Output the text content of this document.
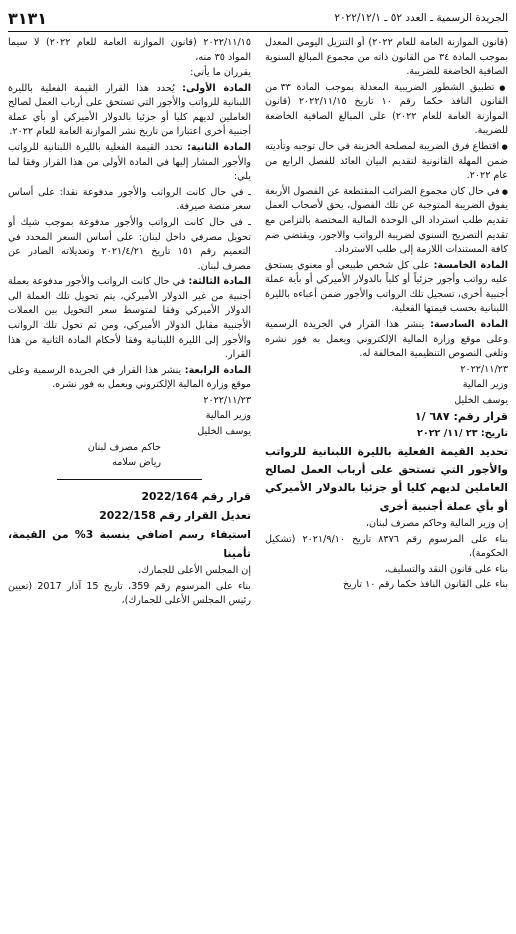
الجريدة الرسمية ـ العدد ٥٢ ـ ٢٠٢٢/١٢/١
٣١٣١

(قانون الموازنة العامة للعام ٢٠٢٢) أو التنزيل اليومي المعدل بموجب المادة ٣٤ من القانون ذاته من مجموع المبالغ السنوية الصافية الخاضعة للضريبة.

● تطبيق الشطور الضريبية المعدلة بموجب المادة ٣٣ من القانون النافذ حكما رقم ١٠ تاريخ ٢٠٢٢/١١/١٥ (قانون الموازنة العامة للعام ٢٠٢٢) على المبالغ الصافية الخاضعة للضريبة.

● اقتطاع فرق الضريبة لمصلحة الخزينة في حال توجبه وتأديته ضمن المهلة القانونية لتقديم البيان العائد للفصل الرابع من عام ٢٠٢٢.

● في حال كان مجموع الضرائب المقتطعة عن الفصول الأربعة يفوق الضريبة المتوجبة عن تلك الفصول، يحق لأصحاب العمل تقديم طلب استرداد الى الوحدة المالية المختصة بالتزامن مع تقديم التصريح السنوي لضريبة الرواتب والاجور، ويقتضي ضم كافة المستندات اللازمة إلى طلب الاسترداد.

المادة الخامسة: على كل شخص طبيعي أو معنوي يستحق عليه رواتب وأجور جزئياً أو كلياً بالدولار الأميركي أو بأية عملة أجنبية أخرى، تسجيل تلك الرواتب والأجور ضمن أعباءه بالليرة اللبنانية بحسب قيمتها الفعلية.

المادة السادسة: ينشر هذا القرار في الجريدة الرسمية وعلى موقع وزارة المالية الإلكتروني ويعمل به فور نشره وتلغى النصوص التنظيمية المخالفة له.

٢٠٢٢/١١/٢٣

وزير المالية

يوسف الخليل

قرار رقم: ٦٨٧ /١

تاريخ: ٢٣ /١١/ ٢٠٢٢

تحديد القيمة الفعلية بالليرة اللبنانية للرواتب والأجور التي تستحق على أرباب العمل لصالح العاملين لديهم كليا أو جزئيا بالدولار الأميركي أو بأي عملة أجنبية أخرى

إن وزير المالية وحاكم مصرف لبنان،

بناء على المرسوم رقم ٨٣٧٦ تاريخ ٢٠٢١/٩/١٠ (تشكيل الحكومة)،

بناء على قانون النقد والتسليف،

بناء على القانون النافذ حكما رقم ١٠ تاريخ

٢٠٢٢/١١/١٥ (قانون الموازنة العامة للعام ٢٠٢٢) لا سيما المواد ٣٥ منه،

يقرران ما يأتي:

المادة الأولى: يُحدد هذا القرار القيمة الفعلية بالليرة اللبنانية للرواتب والأجور التي تستحق على أرباب العمل لصالح العاملين لديهم كليا أو جزئيا بالدولار الأميركي أو بأي عملة أجنبية أخرى اعتبارا من تاريخ نشر الموازنة العامة للعام ٢٠٢٢.

المادة الثانية: تحدد القيمة الفعلية بالليرة اللبنانية للرواتب والأجور المشار إليها في المادة الأولى من هذا القرار وفقا لما يلي:

ـ في حال كانت الرواتب والأجور مدفوعة نقدا: على أساس سعر منصة صيرفة.

ـ في حال كانت الرواتب والأجور مدفوعة بموجب شيك أو تحويل مصرفي داخل لبنان: على أساس السعر المحدد في التعميم رقم ١٥١ تاريخ ٢٠٢١/٤/٢١ وتعديلاته الصادر عن مصرف لبنان.

المادة الثالثة: في حال كانت الرواتب والأجور مدفوعة بعملة أجنبية من غير الدولار الأميركي، يتم تحويل تلك العملة الى الدولار الأميركي وفقا لمتوسط سعر التحويل بين العملات الأجنبية مقابل الدولار الأميركي، ومن ثم تحول تلك الرواتب والأجور إلى الليرة اللبنانية وفقا لأحكام المادة الثانية من هذا القرار.

المادة الرابعة: ينشر هذا القرار في الجريدة الرسمية وعلى موقع وزارة المالية الإلكتروني ويعمل به فور نشره.

٢٠٢٢/١١/٢٣

وزير المالية

يوسف الخليل

حاكم مصرف لبنان

رياض سلامه

قرار رقم 2022/164

تعديل القرار رقم 2022/158

استيفاء رسم اضافي بنسبة 3% من القيمة، تأمينا

إن المجلس الأعلى للجمارك،

بناء على المرسوم رقم 359، تاريخ 15 آذار 2017 (تعيين رئيس المجلس الأعلى للجمارك)،
